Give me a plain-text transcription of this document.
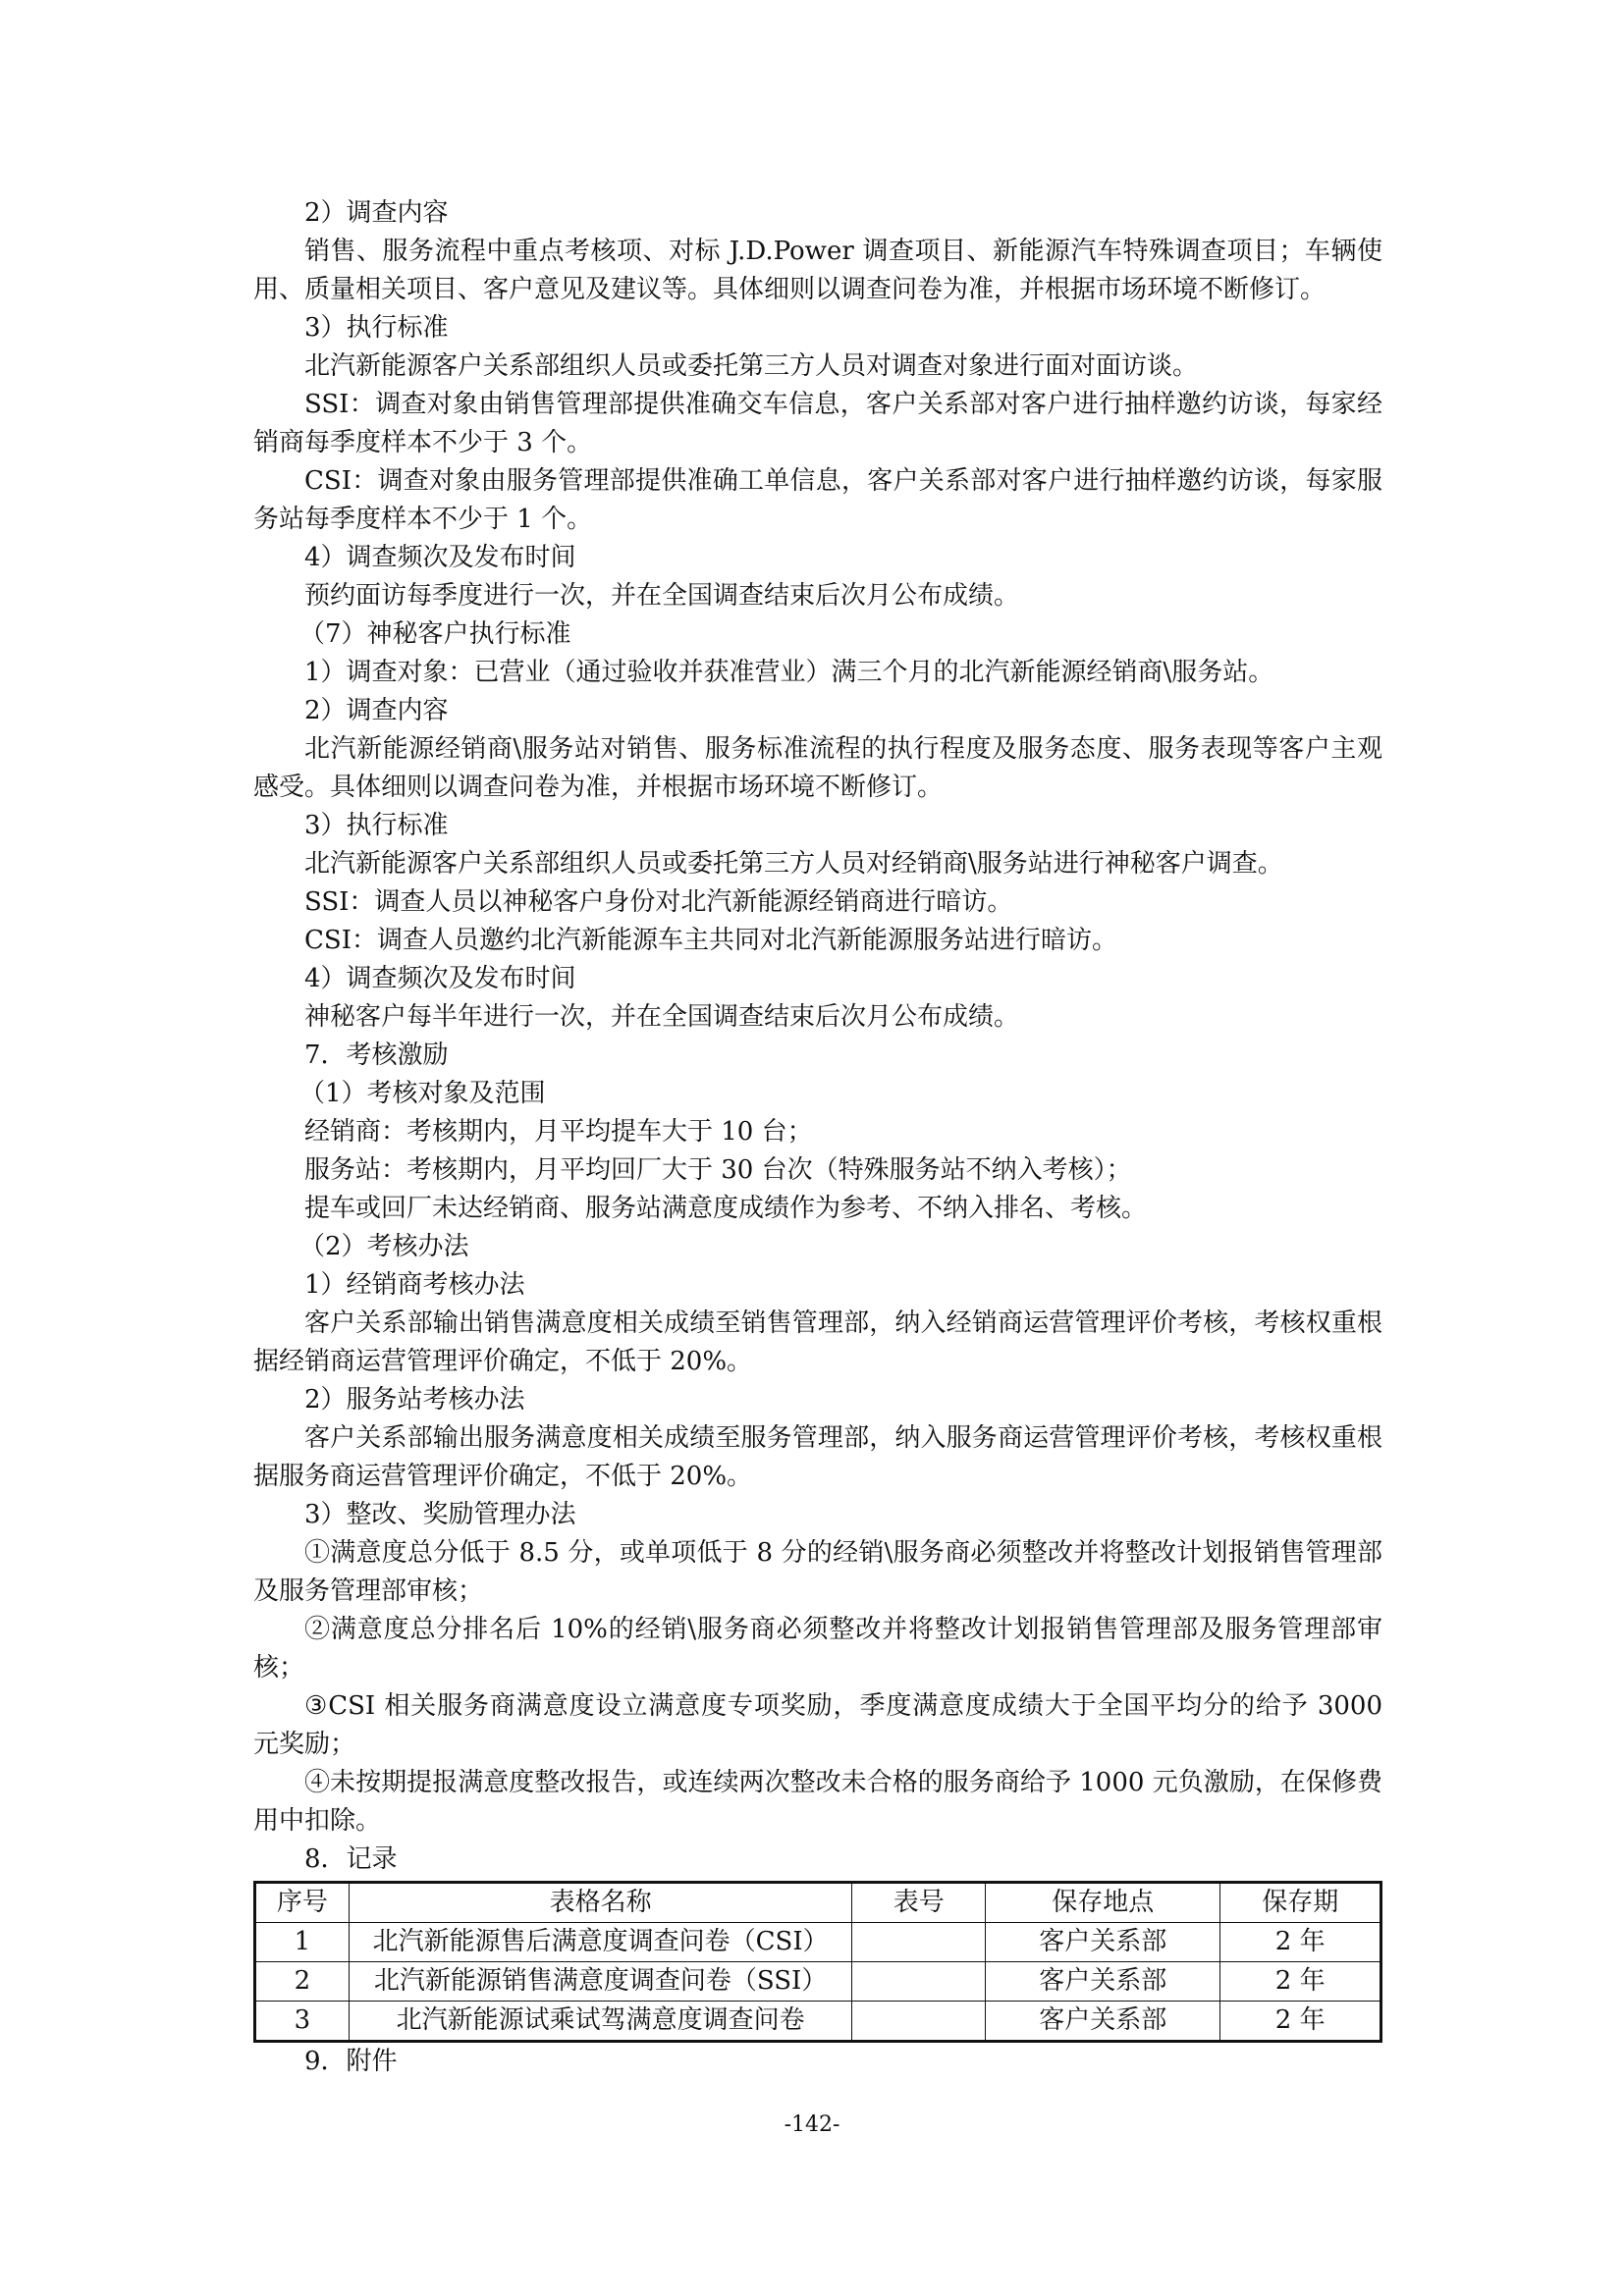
2）调查内容

销售、服务流程中重点考核项、对标 J.D.Power 调查项目、新能源汽车特殊调查项目；车辆使用、质量相关项目、客户意见及建议等。具体细则以调查问卷为准，并根据市场环境不断修订。

3）执行标准

北汽新能源客户关系部组织人员或委托第三方人员对调查对象进行面对面访谈。

SSI：调查对象由销售管理部提供准确交车信息，客户关系部对客户进行抽样邀约访谈，每家经销商每季度样本不少于 3 个。

CSI：调查对象由服务管理部提供准确工单信息，客户关系部对客户进行抽样邀约访谈，每家服务站每季度样本不少于 1 个。

4）调查频次及发布时间

预约面访每季度进行一次，并在全国调查结束后次月公布成绩。

（7）神秘客户执行标准

1）调查对象：已营业（通过验收并获准营业）满三个月的北汽新能源经销商\服务站。

2）调查内容

北汽新能源经销商\服务站对销售、服务标准流程的执行程度及服务态度、服务表现等客户主观感受。具体细则以调查问卷为准，并根据市场环境不断修订。

3）执行标准

北汽新能源客户关系部组织人员或委托第三方人员对经销商\服务站进行神秘客户调查。

SSI：调查人员以神秘客户身份对北汽新能源经销商进行暗访。

CSI：调查人员邀约北汽新能源车主共同对北汽新能源服务站进行暗访。

4）调查频次及发布时间

神秘客户每半年进行一次，并在全国调查结束后次月公布成绩。

7．考核激励

（1）考核对象及范围

经销商：考核期内，月平均提车大于 10 台；

服务站：考核期内，月平均回厂大于 30 台次（特殊服务站不纳入考核）；

提车或回厂未达经销商、服务站满意度成绩作为参考、不纳入排名、考核。

（2）考核办法

1）经销商考核办法

客户关系部输出销售满意度相关成绩至销售管理部，纳入经销商运营管理评价考核，考核权重根据经销商运营管理评价确定，不低于 20%。

2）服务站考核办法

客户关系部输出服务满意度相关成绩至服务管理部，纳入服务商运营管理评价考核，考核权重根据服务商运营管理评价确定，不低于 20%。

3）整改、奖励管理办法

①满意度总分低于 8.5 分，或单项低于 8 分的经销\服务商必须整改并将整改计划报销售管理部及服务管理部审核；

②满意度总分排名后 10%的经销\服务商必须整改并将整改计划报销售管理部及服务管理部审核；

③CSI 相关服务商满意度设立满意度专项奖励，季度满意度成绩大于全国平均分的给予 3000 元奖励；

④未按期提报满意度整改报告，或连续两次整改未合格的服务商给予 1000 元负激励，在保修费用中扣除。

8．记录

序号	表格名称	表号	保存地点	保存期
1	北汽新能源售后满意度调查问卷（CSI）		客户关系部	2 年
2	北汽新能源销售满意度调查问卷（SSI）		客户关系部	2 年
3	北汽新能源试乘试驾满意度调查问卷		客户关系部	2 年

9．附件

-142-
